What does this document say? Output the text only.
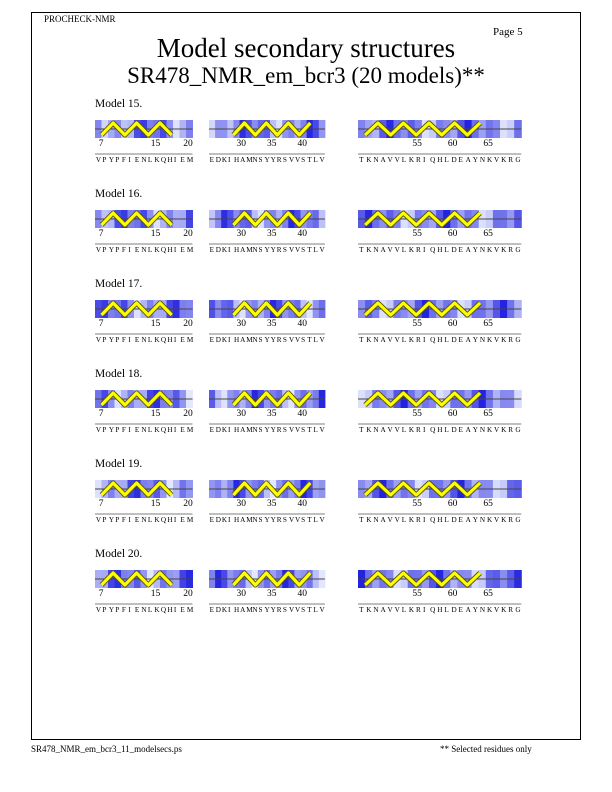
PROCHECK-NMR
Page 5
Model secondary structures
SR478_NMR_em_bcr3 (20 models)**
Model 15.
7	15 20
V P Y P F I E N L K Q H I E M
30 35 40
E D K I H A M N S Y Y R S V V S T L V
55	60	65
T K N A V V L K R I Q H L D E A Y N K V K R G
Model 16.
7	15 20
V P Y P F I E N L K Q H I E M
30 35 40
E D K I H A M N S Y Y R S V V S T L V
55	60	65
T K N A V V L K R I Q H L D E A Y N K V K R G
Model 17.
7	15 20
V P Y P F I E N L K Q H I E M
30 35 40
E D K I H A M N S Y Y R S V V S T L V
55	60	65
T K N A V V L K R I Q H L D E A Y N K V K R G
Model 18.
7	15 20
V P Y P F I E N L K Q H I E M
30 35 40
E D K I H A M N S Y Y R S V V S T L V
55	60	65
T K N A V V L K R I Q H L D E A Y N K V K R G
Model 19.
7	15 20
V P Y P F I E N L K Q H I E M
30 35 40
E D K I H A M N S Y Y R S V V S T L V
55	60	65
T K N A V V L K R I Q H L D E A Y N K V K R G
Model 20.
7	15 20
V P Y P F I E N L K Q H I E M
30 35 40
E D K I H A M N S Y Y R S V V S T L V
55	60	65
T K N A V V L K R I Q H L D E A Y N K V K R G
SR478_NMR_em_bcr3_11_modelsecs.ps	** Selected residues only
